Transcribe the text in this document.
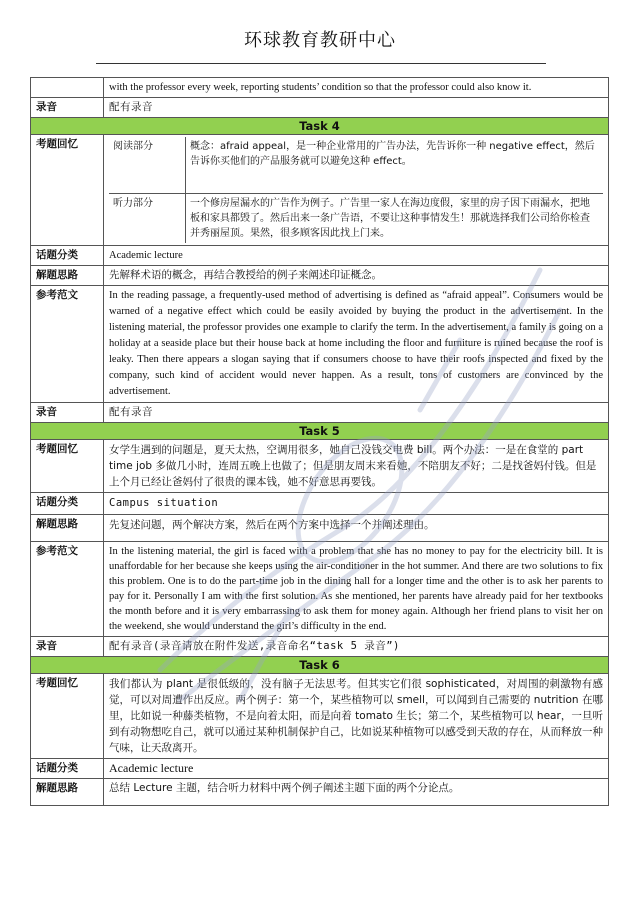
环球教育教研中心
	with the professor every week, reporting students’ condition so that the professor could also know it.
录音	配有录音
Task 4
考题回忆		阅读部分	概念：afraid appeal，是一种企业常用的广告办法，先告诉你一种 negative effect，然后告诉你买他们的产品服务就可以避免这种 effect。
听力部分	一个修房屋漏水的广告作为例子。广告里一家人在海边度假，家里的房子因下雨漏水，把地板和家具都毁了。然后出来一条广告语，不要让这种事情发生！那就选择我们公司给你检查并秀丽屋顶。果然，很多顾客因此找上门来。

话题分类	Academic lecture
解题思路	先解释术语的概念，再结合教授给的例子来阐述印证概念。
参考范文	In the reading passage, a frequently-used method of advertising is defined as “afraid appeal”. Consumers would be warned of a negative effect which could be easily avoided by buying the product in the advertisement. In the listening material, the professor provides one example to clarify the term. In the advertisement, a family is going on a holiday at a seaside place but their house back at home including the floor and furniture is ruined because the roof is leaky. Then there appears a slogan saying that if consumers choose to have their roofs inspected and fixed by the company, such kind of accident would never happen. As a result, tons of customers are convinced by the advertisement.
录音	配有录音
Task 5
考题回忆	女学生遇到的问题是，夏天太热，空调用很多，她自己没钱交电费 bill。两个办法：一是在食堂的 part time job 多做几小时，连周五晚上也做了；但是朋友周末来看她，不陪朋友不好；二是找爸妈付钱。但是上个月已经让爸妈付了很贵的课本钱，她不好意思再要钱。
话题分类	Campus situation
解题思路	先复述问题，两个解决方案，然后在两个方案中选择一个并阐述理由。
参考范文	In the listening material, the girl is faced with a problem that she has no money to pay for the electricity bill. It is unaffordable for her because she keeps using the air-conditioner in the hot summer. And there are two solutions to fix this problem. One is to do the part-time job in the dining hall for a longer time and the other is to ask her parents to pay for it. Personally I am with the first solution. As she mentioned, her parents have already paid for her textbooks the month before and it is very embarrassing to ask them for money again. Although her friend plans to visit her on the weekend, she would understand the girl’s difficulty in the end.
录音	配有录音(录音请放在附件发送,录音命名“task 5 录音”)
Task 6
考题回忆	我们都认为 plant 是很低级的，没有脑子无法思考。但其实它们很 sophisticated，对周围的刺激物有感觉，可以对周遭作出反应。两个例子：第一个，某些植物可以 smell，可以闻到自己需要的 nutrition 在哪里，比如说一种藤类植物，不是向着太阳，而是向着 tomato 生长；第二个，某些植物可以 hear，一旦听到有动物想吃自己，就可以通过某种机制保护自己，比如说某种植物可以感受到天敌的存在，从而释放一种气味，让天敌离开。
话题分类	Academic lecture
解题思路	总结 Lecture 主题，结合听力材料中两个例子阐述主题下面的两个分论点。
